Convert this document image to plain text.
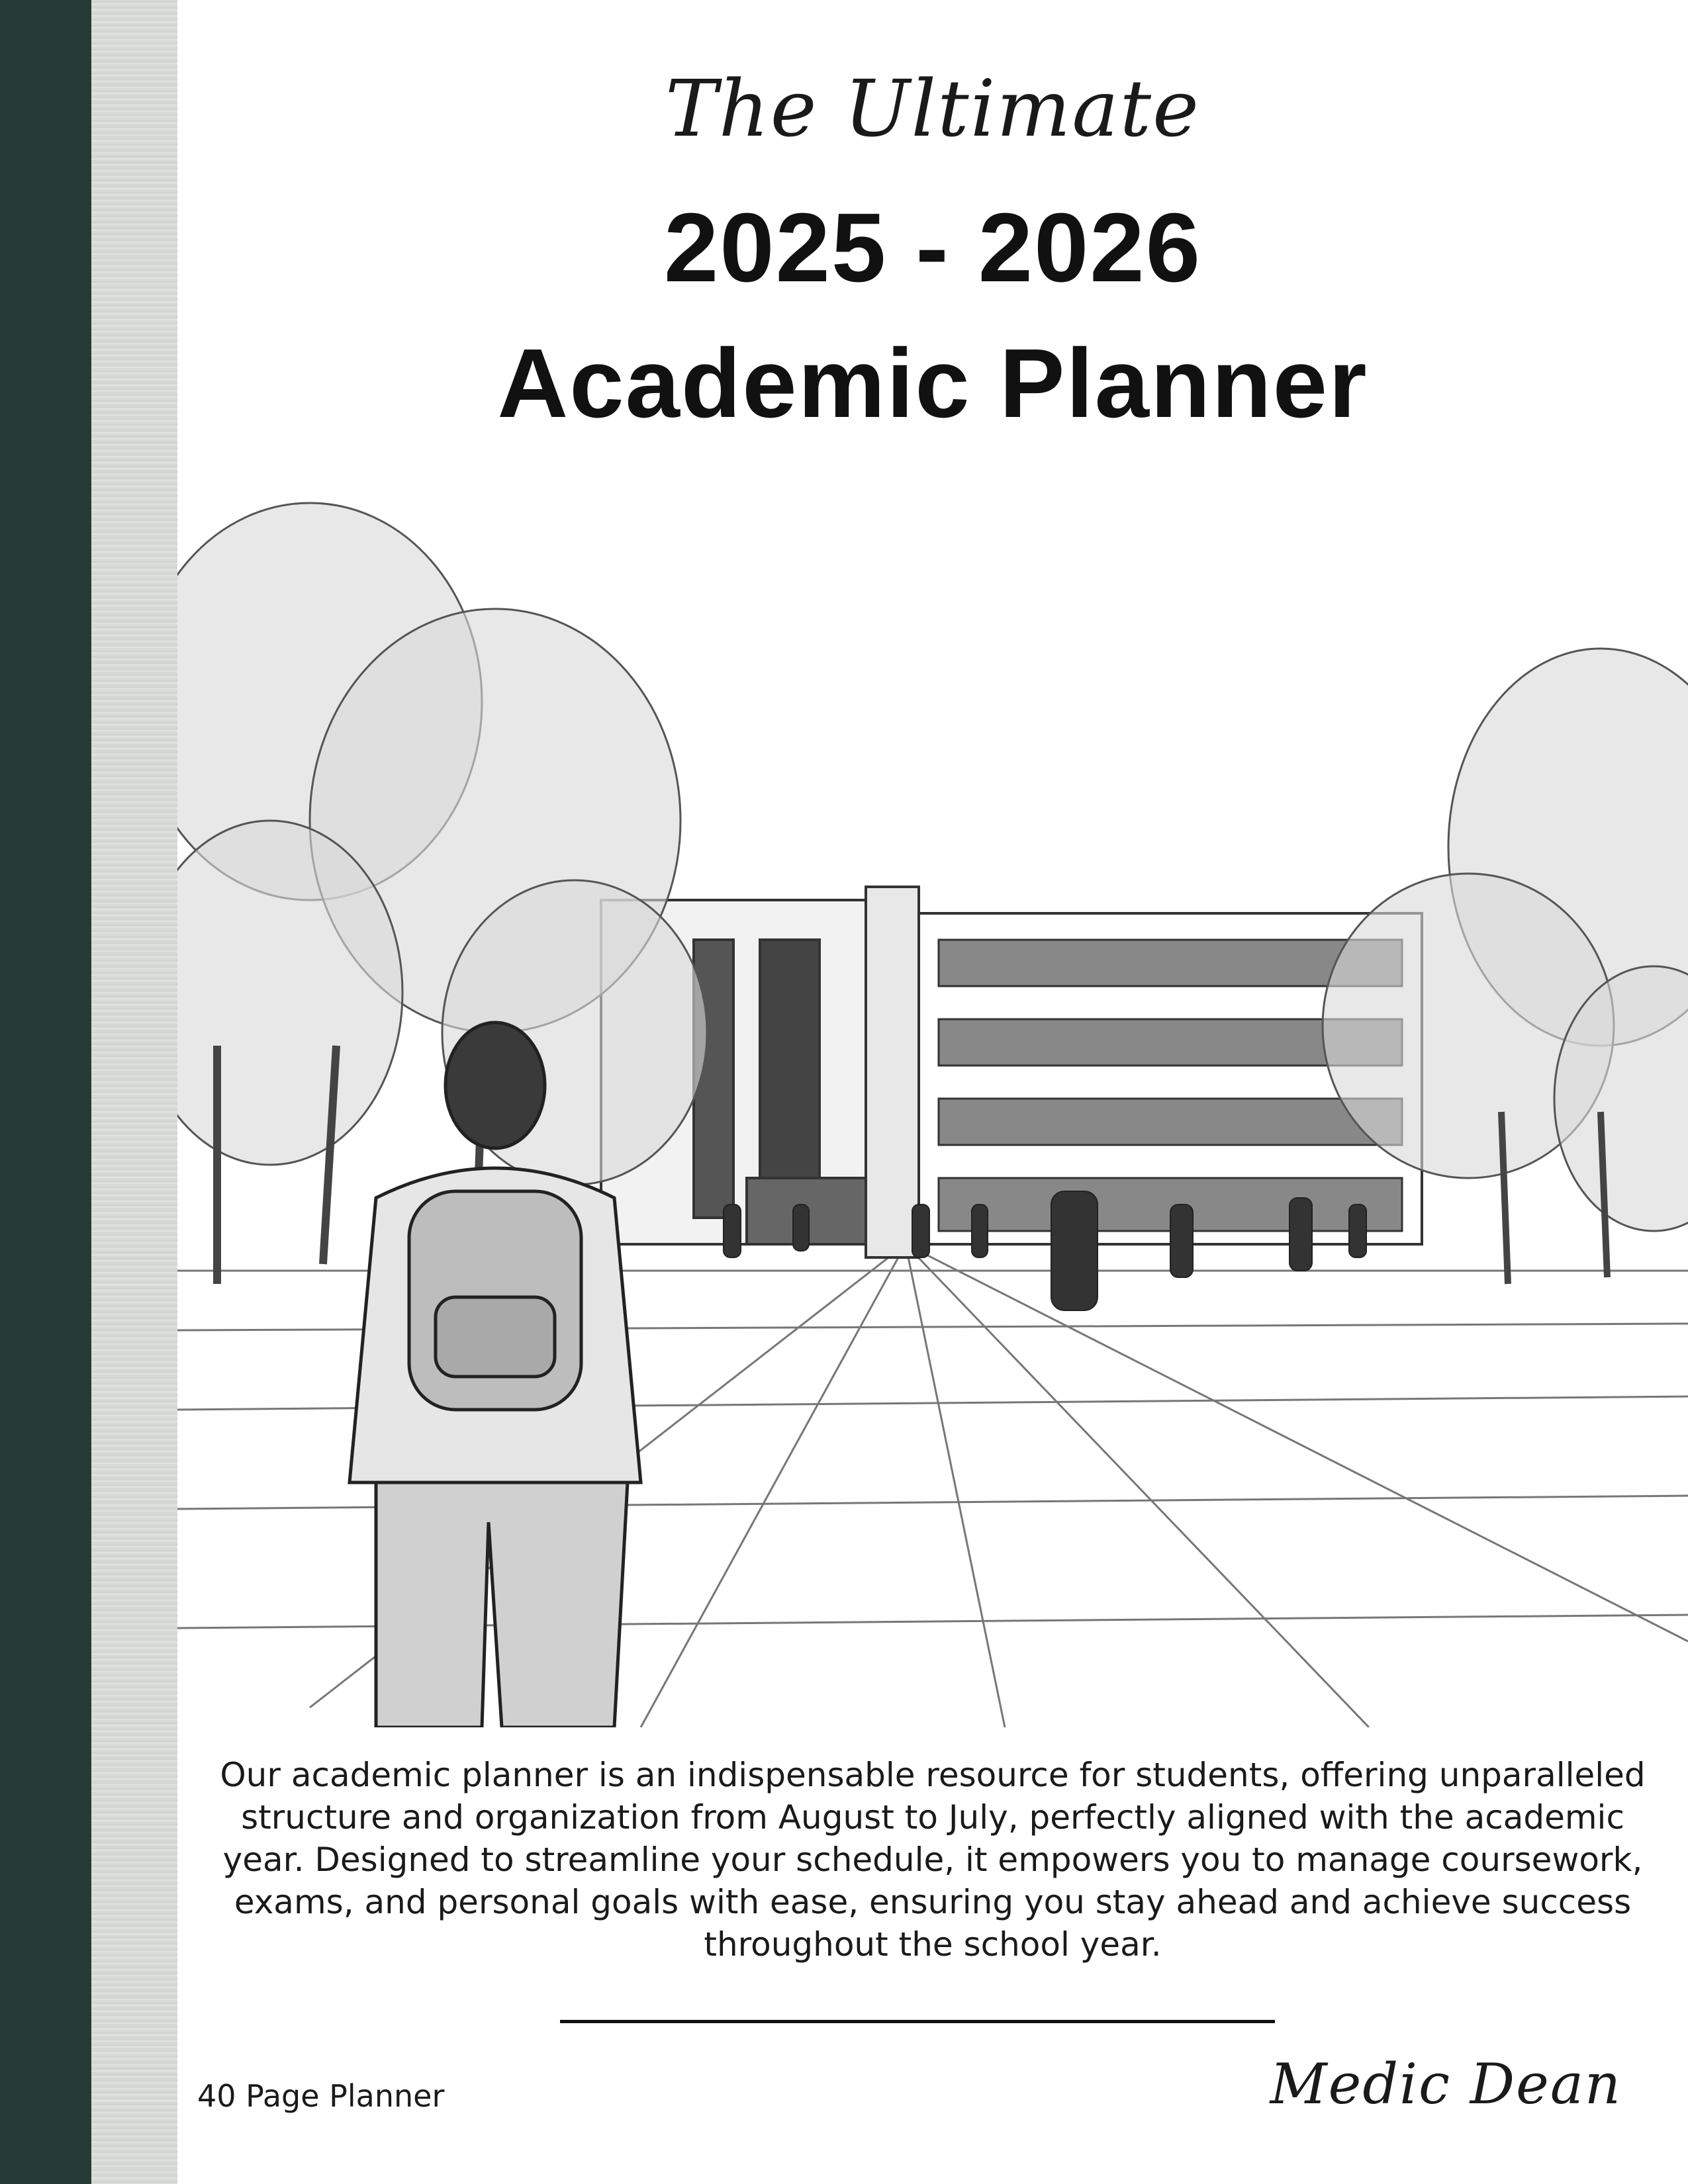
The Ultimate
2025 - 2026
Academic Planner
Our academic planner is an indispensable resource for students, offering unparalleled structure and organization from August to July, perfectly aligned with the academic year. Designed to streamline your schedule, it empowers you to manage coursework, exams, and personal goals with ease, ensuring you stay ahead and achieve success throughout the school year.
40 Page Planner	Medic Dean
